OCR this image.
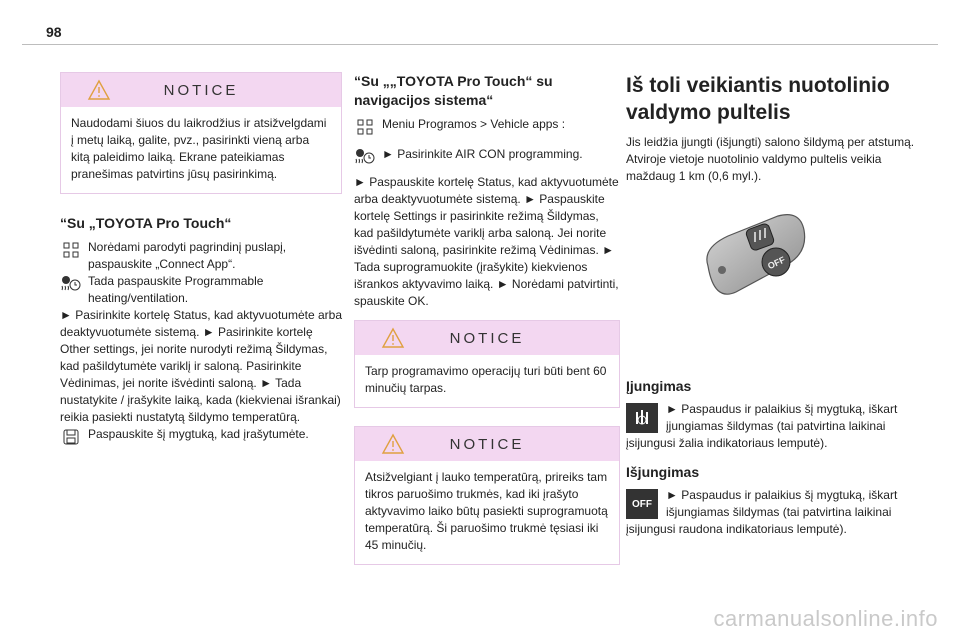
98
NOTICE

Naudodami šiuos du laikrodžius ir atsižvelgdami į metų laiką, galite, pvz., pasirinkti vieną arba kitą paleidimo laiką. Ekrane pateikiamas pranešimas patvirtins jūsų pasirinkimą.

“Su „TOYOTA Pro Touch“
Norėdami parodyti pagrindinį puslapį, paspauskite „Connect App“.
Tada paspauskite Programmable heating/ventilation.

► Pasirinkite kortelę Status, kad aktyvuotumėte arba deaktyvuotumėte sistemą. ► Pasirinkite kortelę Other settings, jei norite nurodyti režimą Šildymas, kad pašildytumėte variklį ir saloną. Pasirinkite Vėdinimas, jei norite išvėdinti saloną. ► Tada nustatykite / įrašykite laiką, kada (kiekvienai išrankai) reikia pasiekti nustatytą šildymo temperatūrą.

Paspauskite šį mygtuką, kad įrašytumėte.
“Su „„TOYOTA Pro Touch“ su navigacijos sistema“
Meniu Programos > Vehicle apps :
► Pasirinkite AIR CON programming.

► Paspauskite kortelę Status, kad aktyvuotumėte arba deaktyvuotumėte sistemą. ► Paspauskite kortelę Settings ir pasirinkite režimą Šildymas, kad pašildytumėte variklį arba saloną. Jei norite išvėdinti saloną, pasirinkite režimą Vėdinimas. ► Tada suprogramuokite (įrašykite) kiekvienos išrankos aktyvavimo laiką. ► Norėdami patvirtinti, spauskite OK.

NOTICE

Tarp programavimo operacijų turi būti bent 60 minučių tarpas.

NOTICE

Atsižvelgiant į lauko temperatūrą, prireiks tam tikros paruošimo trukmės, kad iki įrašyto aktyvavimo laiko būtų pasiekti suprogramuotą temperatūrą. Ši paruošimo trukmė tęsiasi iki 45 minučių.

Iš toli veikiantis nuotolinio valdymo pultelis

Jis leidžia įjungti (išjungti) salono šildymą per atstumą. Atviroje vietoje nuotolinio valdymo pultelis veikia maždaug 1 km (0,6 myl.).

OFF
Įjungimas

► Paspaudus ir palaikius šį mygtuką, iškart įjungiamas šildymas (tai patvirtina laikinai įsijungusi žalia indikatoriaus lemputė).

Išjungimas
OFF

► Paspaudus ir palaikius šį mygtuką, iškart išjungiamas šildymas (tai patvirtina laikinai įsijungusi raudona indikatoriaus lemputė).

carmanualsonline.info
